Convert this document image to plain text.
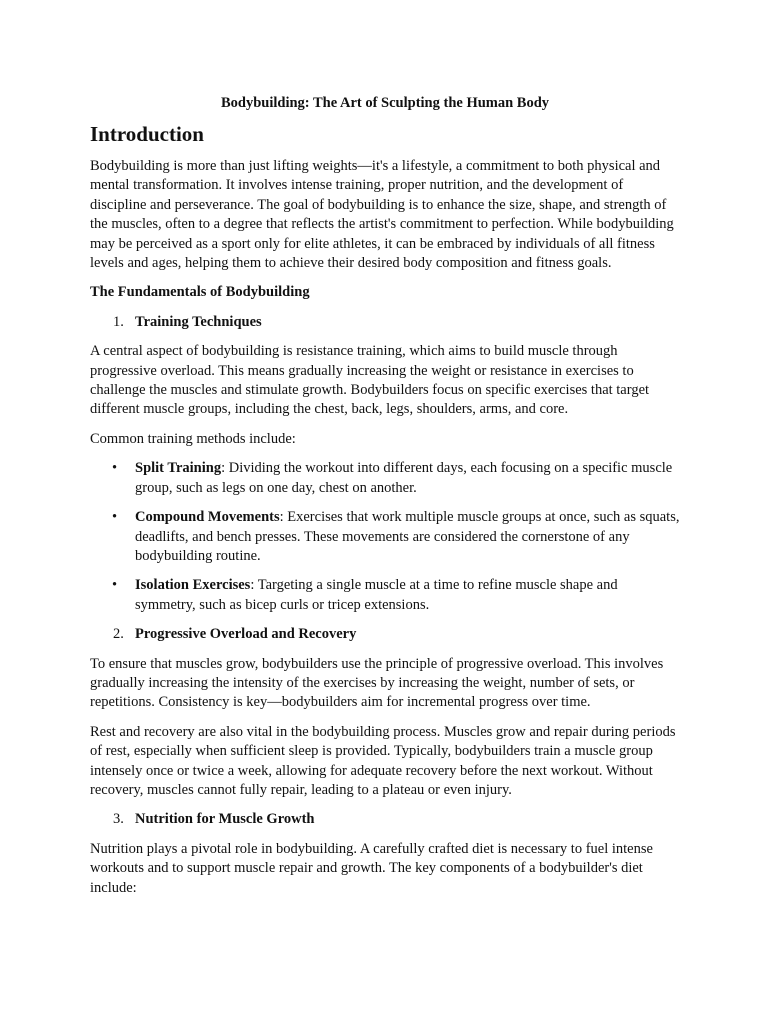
Bodybuilding: The Art of Sculpting the Human Body
Introduction

Bodybuilding is more than just lifting weights—it's a lifestyle, a commitment to both physical and mental transformation. It involves intense training, proper nutrition, and the development of discipline and perseverance. The goal of bodybuilding is to enhance the size, shape, and strength of the muscles, often to a degree that reflects the artist's commitment to perfection. While bodybuilding may be perceived as a sport only for elite athletes, it can be embraced by individuals of all fitness levels and ages, helping them to achieve their desired body composition and fitness goals.

The Fundamentals of Bodybuilding

1. Training Techniques

A central aspect of bodybuilding is resistance training, which aims to build muscle through progressive overload. This means gradually increasing the weight or resistance in exercises to challenge the muscles and stimulate growth. Bodybuilders focus on specific exercises that target different muscle groups, including the chest, back, legs, shoulders, arms, and core.

Common training methods include:

• Split Training: Dividing the workout into different days, each focusing on a specific muscle group, such as legs on one day, chest on another.
• Compound Movements: Exercises that work multiple muscle groups at once, such as squats, deadlifts, and bench presses. These movements are considered the cornerstone of any bodybuilding routine.
• Isolation Exercises: Targeting a single muscle at a time to refine muscle shape and symmetry, such as bicep curls or tricep extensions.
2. Progressive Overload and Recovery

To ensure that muscles grow, bodybuilders use the principle of progressive overload. This involves gradually increasing the intensity of the exercises by increasing the weight, number of sets, or repetitions. Consistency is key—bodybuilders aim for incremental progress over time.

Rest and recovery are also vital in the bodybuilding process. Muscles grow and repair during periods of rest, especially when sufficient sleep is provided. Typically, bodybuilders train a muscle group intensely once or twice a week, allowing for adequate recovery before the next workout. Without recovery, muscles cannot fully repair, leading to a plateau or even injury.

3. Nutrition for Muscle Growth

Nutrition plays a pivotal role in bodybuilding. A carefully crafted diet is necessary to fuel intense workouts and to support muscle repair and growth. The key components of a bodybuilder's diet include:
